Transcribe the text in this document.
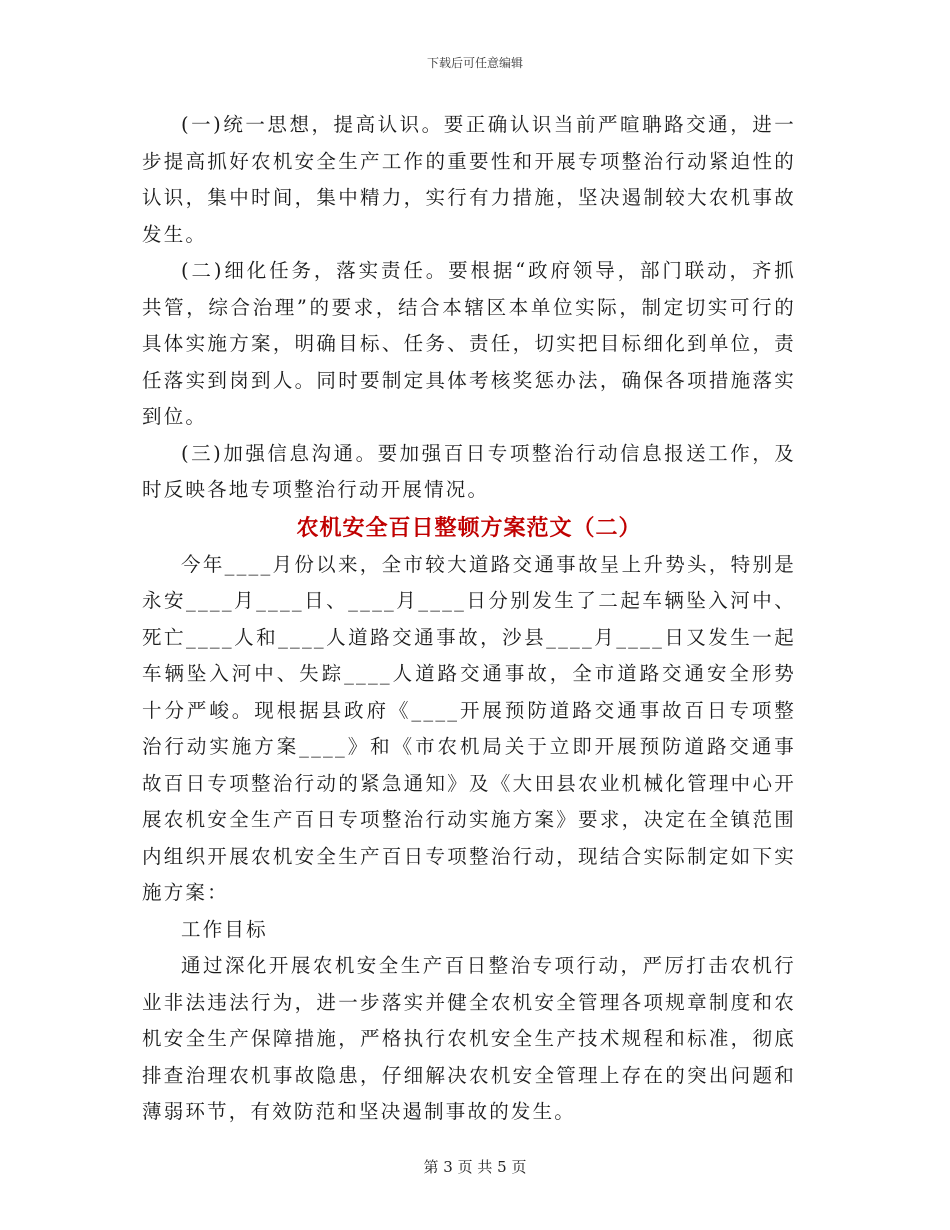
下载后可任意编辑

(一)统一思想，提高认识。要正确认识当前严暄聃路交通，进一步提高抓好农机安全生产工作的重要性和开展专项整治行动紧迫性的认识，集中时间，集中精力，实行有力措施，坚决遏制较大农机事故发生。

(二)细化任务，落实责任。要根据“政府领导，部门联动，齐抓共管，综合治理”的要求，结合本辖区本单位实际，制定切实可行的具体实施方案，明确目标、任务、责任，切实把目标细化到单位，责任落实到岗到人。同时要制定具体考核奖惩办法，确保各项措施落实到位。

(三)加强信息沟通。要加强百日专项整治行动信息报送工作，及时反映各地专项整治行动开展情况。

农机安全百日整顿方案范文（二）

今年____月份以来，全市较大道路交通事故呈上升势头，特别是永安____月____日、____月____日分别发生了二起车辆坠入河中、死亡____人和____人道路交通事故，沙县____月____日又发生一起车辆坠入河中、失踪____人道路交通事故，全市道路交通安全形势十分严峻。现根据县政府《____开展预防道路交通事故百日专项整治行动实施方案____》和《市农机局关于立即开展预防道路交通事故百日专项整治行动的紧急通知》及《大田县农业机械化管理中心开展农机安全生产百日专项整治行动实施方案》要求，决定在全镇范围内组织开展农机安全生产百日专项整治行动，现结合实际制定如下实施方案：

工作目标

通过深化开展农机安全生产百日整治专项行动，严厉打击农机行业非法违法行为，进一步落实并健全农机安全管理各项规章制度和农机安全生产保障措施，严格执行农机安全生产技术规程和标准，彻底排查治理农机事故隐患，仔细解决农机安全管理上存在的突出问题和薄弱环节，有效防范和坚决遏制事故的发生。

第 3 页 共 5 页
